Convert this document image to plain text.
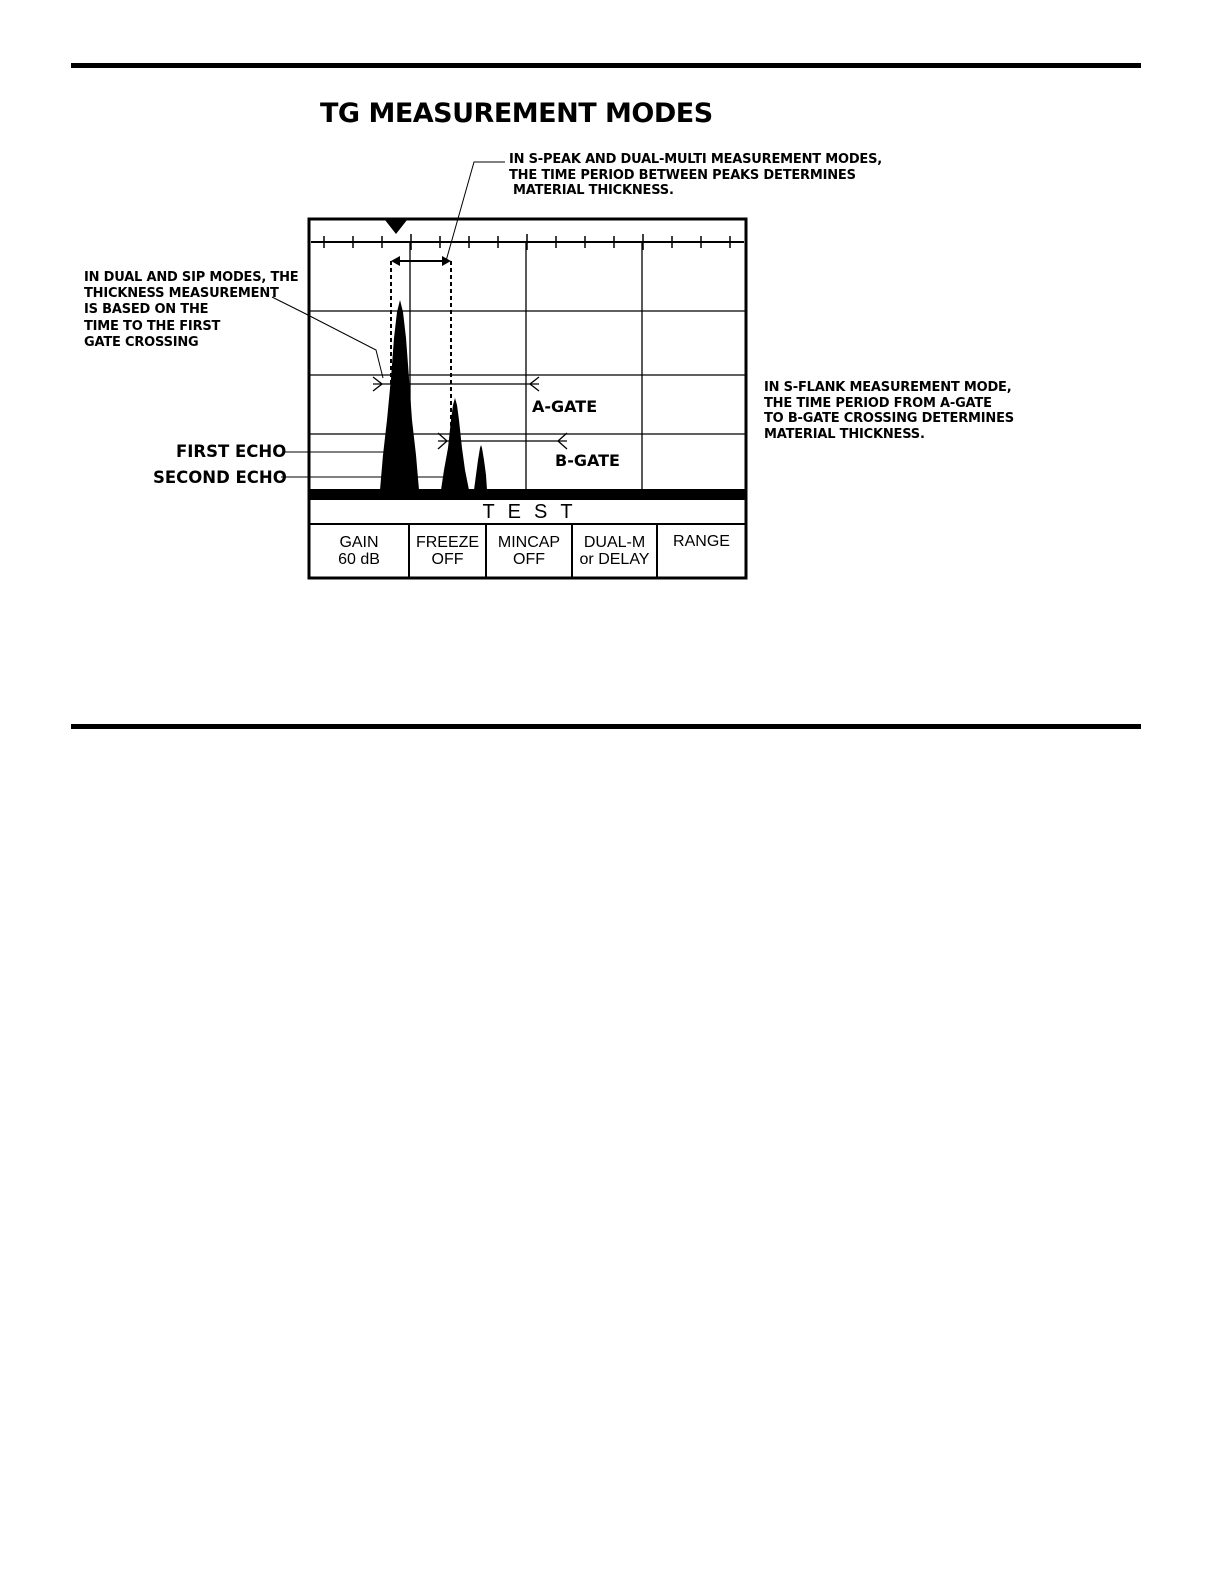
TG MEASUREMENT MODES
IN S-PEAK AND DUAL-MULTI MEASUREMENT MODES,
THE TIME PERIOD BETWEEN PEAKS DETERMINES
MATERIAL THICKNESS.
IN DUAL AND SIP MODES, THE
THICKNESS MEASUREMENT
IS BASED ON THE
TIME TO THE FIRST
GATE CROSSING
IN S-FLANK MEASUREMENT MODE,
THE TIME PERIOD FROM A-GATE
TO B-GATE CROSSING DETERMINES
MATERIAL THICKNESS.
FIRST ECHO
SECOND ECHO
A-GATE
B-GATE
TEST
GAIN
60 dB
FREEZE
OFF
MINCAP
OFF
DUAL-M
or DELAY
RANGE
